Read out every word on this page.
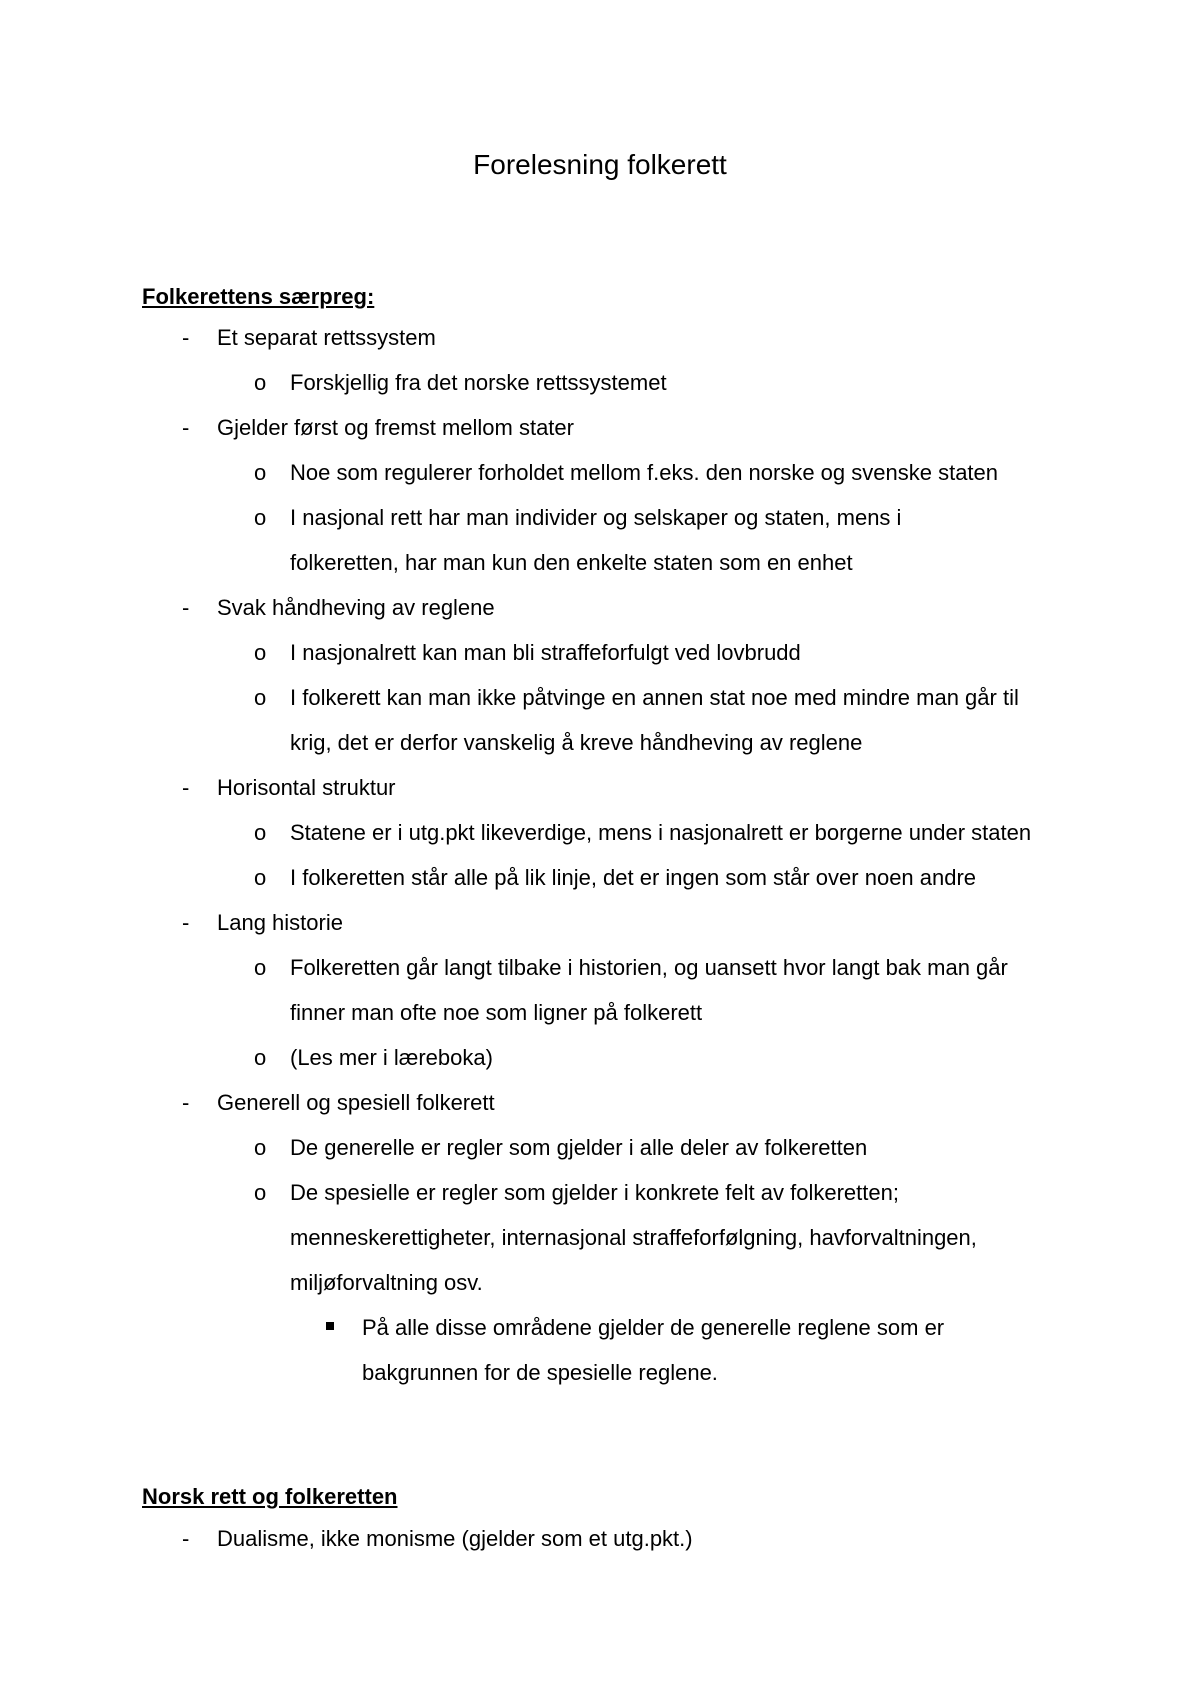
Forelesning folkerett
Folkerettens særpreg:
- Et separat rettssystem
o Forskjellig fra det norske rettssystemet
- Gjelder først og fremst mellom stater
o Noe som regulerer forholdet mellom f.eks. den norske og svenske staten
o I nasjonal rett har man individer og selskaper og staten, mens i folkeretten, har man kun den enkelte staten som en enhet
- Svak håndheving av reglene
o I nasjonalrett kan man bli straffeforfulgt ved lovbrudd
o I folkerett kan man ikke påtvinge en annen stat noe med mindre man går til krig, det er derfor vanskelig å kreve håndheving av reglene
- Horisontal struktur
o Statene er i utg.pkt likeverdige, mens i nasjonalrett er borgerne under staten
o I folkeretten står alle på lik linje, det er ingen som står over noen andre
- Lang historie
o Folkeretten går langt tilbake i historien, og uansett hvor langt bak man går finner man ofte noe som ligner på folkerett
o (Les mer i læreboka)
- Generell og spesiell folkerett
o De generelle er regler som gjelder i alle deler av folkeretten
o De spesielle er regler som gjelder i konkrete felt av folkeretten; menneskerettigheter, internasjonal straffeforfølgning, havforvaltningen, miljøforvaltning osv.
På alle disse områdene gjelder de generelle reglene som er bakgrunnen for de spesielle reglene.
Norsk rett og folkeretten
- Dualisme, ikke monisme (gjelder som et utg.pkt.)
